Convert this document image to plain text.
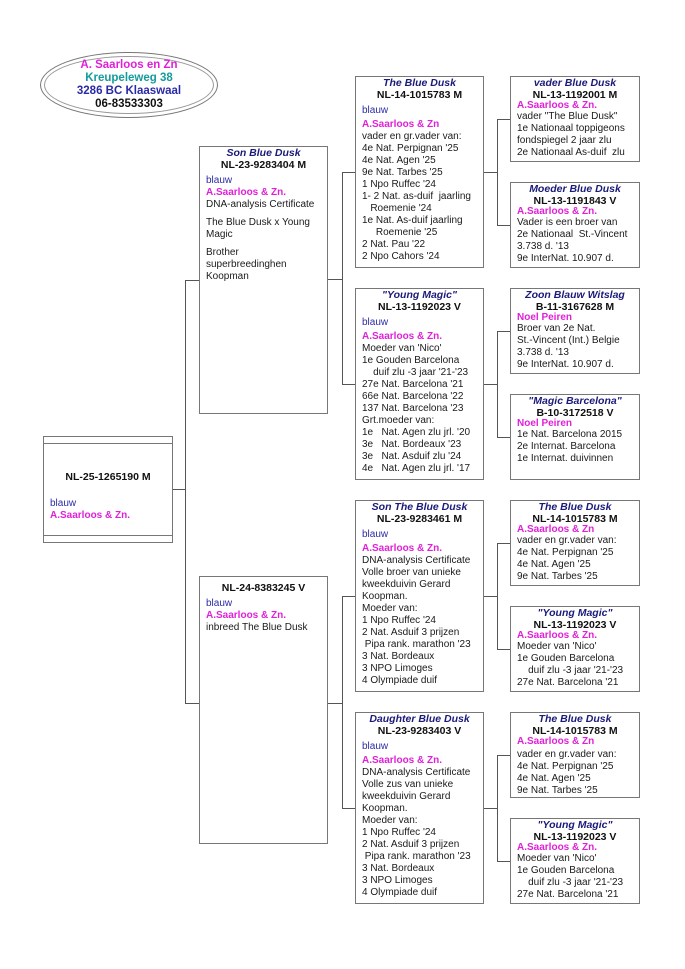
A. Saarloos en Zn
Kreupeleweg 38
3286 BC Klaaswaal
06-83533303
NL-25-1265190 M
blauw
A.Saarloos & Zn.
Son Blue Dusk
NL-23-9283404 M
blauw
A.Saarloos & Zn.
DNA-analysis Certificate
The Blue Dusk x Young
Magic
Brother
superbreedinghen
Koopman
NL-24-8383245 V
blauw
A.Saarloos & Zn.
inbreed The Blue Dusk
The Blue Dusk
NL-14-1015783 M
blauw
A.Saarloos & Zn
vader en gr.vader van:
4e Nat. Perpignan '25
4e Nat. Agen '25
9e Nat. Tarbes '25
1 Npo Ruffec '24
1- 2 Nat. as-duif  jaarling
Roemenie '24
1e Nat. As-duif jaarling
Roemenie '25
2 Nat. Pau '22
2 Npo Cahors '24
"Young Magic"
NL-13-1192023 V
blauw
A.Saarloos & Zn.
Moeder van 'Nico'
1e Gouden Barcelona
duif zlu -3 jaar '21-'23
27e Nat. Barcelona '21
66e Nat. Barcelona '22
137 Nat. Barcelona '23
Grt.moeder van:
1e   Nat. Agen zlu jrl. '20
3e   Nat. Bordeaux '23
3e   Nat. Asduif zlu '24
4e   Nat. Agen zlu jrl. '17
Son The Blue Dusk
NL-23-9283461 M
blauw
A.Saarloos & Zn.
DNA-analysis Certificate
Volle broer van unieke
kweekduivin Gerard
Koopman.
Moeder van:
1 Npo Ruffec '24
2 Nat. Asduif 3 prijzen
Pipa rank. marathon '23
3 Nat. Bordeaux
3 NPO Limoges
4 Olympiade duif
Daughter Blue Dusk
NL-23-9283403 V
blauw
A.Saarloos & Zn.
DNA-analysis Certificate
Volle zus van unieke
kweekduivin Gerard
Koopman.
Moeder van:
1 Npo Ruffec '24
2 Nat. Asduif 3 prijzen
Pipa rank. marathon '23
3 Nat. Bordeaux
3 NPO Limoges
4 Olympiade duif
vader Blue Dusk
NL-13-1192001 M
A.Saarloos & Zn.
vader "The Blue Dusk"
1e Nationaal toppigeons
fondspiegel 2 jaar zlu
2e Nationaal As-duif  zlu
Moeder Blue Dusk
NL-13-1191843 V
A.Saarloos & Zn.
Vader is een broer van
2e Nationaal  St.-Vincent
3.738 d. '13
9e InterNat. 10.907 d.
Zoon Blauw Witslag
B-11-3167628 M
Noel Peiren
Broer van 2e Nat.
St.-Vincent (Int.) Belgie
3.738 d. '13
9e InterNat. 10.907 d.
"Magic Barcelona"
B-10-3172518 V
Noel Peiren
1e Nat. Barcelona 2015
2e Internat. Barcelona
1e Internat. duivinnen
The Blue Dusk
NL-14-1015783 M
A.Saarloos & Zn
vader en gr.vader van:
4e Nat. Perpignan '25
4e Nat. Agen '25
9e Nat. Tarbes '25
"Young Magic"
NL-13-1192023 V
A.Saarloos & Zn.
Moeder van 'Nico'
1e Gouden Barcelona
duif zlu -3 jaar '21-'23
27e Nat. Barcelona '21
The Blue Dusk
NL-14-1015783 M
A.Saarloos & Zn
vader en gr.vader van:
4e Nat. Perpignan '25
4e Nat. Agen '25
9e Nat. Tarbes '25
"Young Magic"
NL-13-1192023 V
A.Saarloos & Zn.
Moeder van 'Nico'
1e Gouden Barcelona
duif zlu -3 jaar '21-'23
27e Nat. Barcelona '21
